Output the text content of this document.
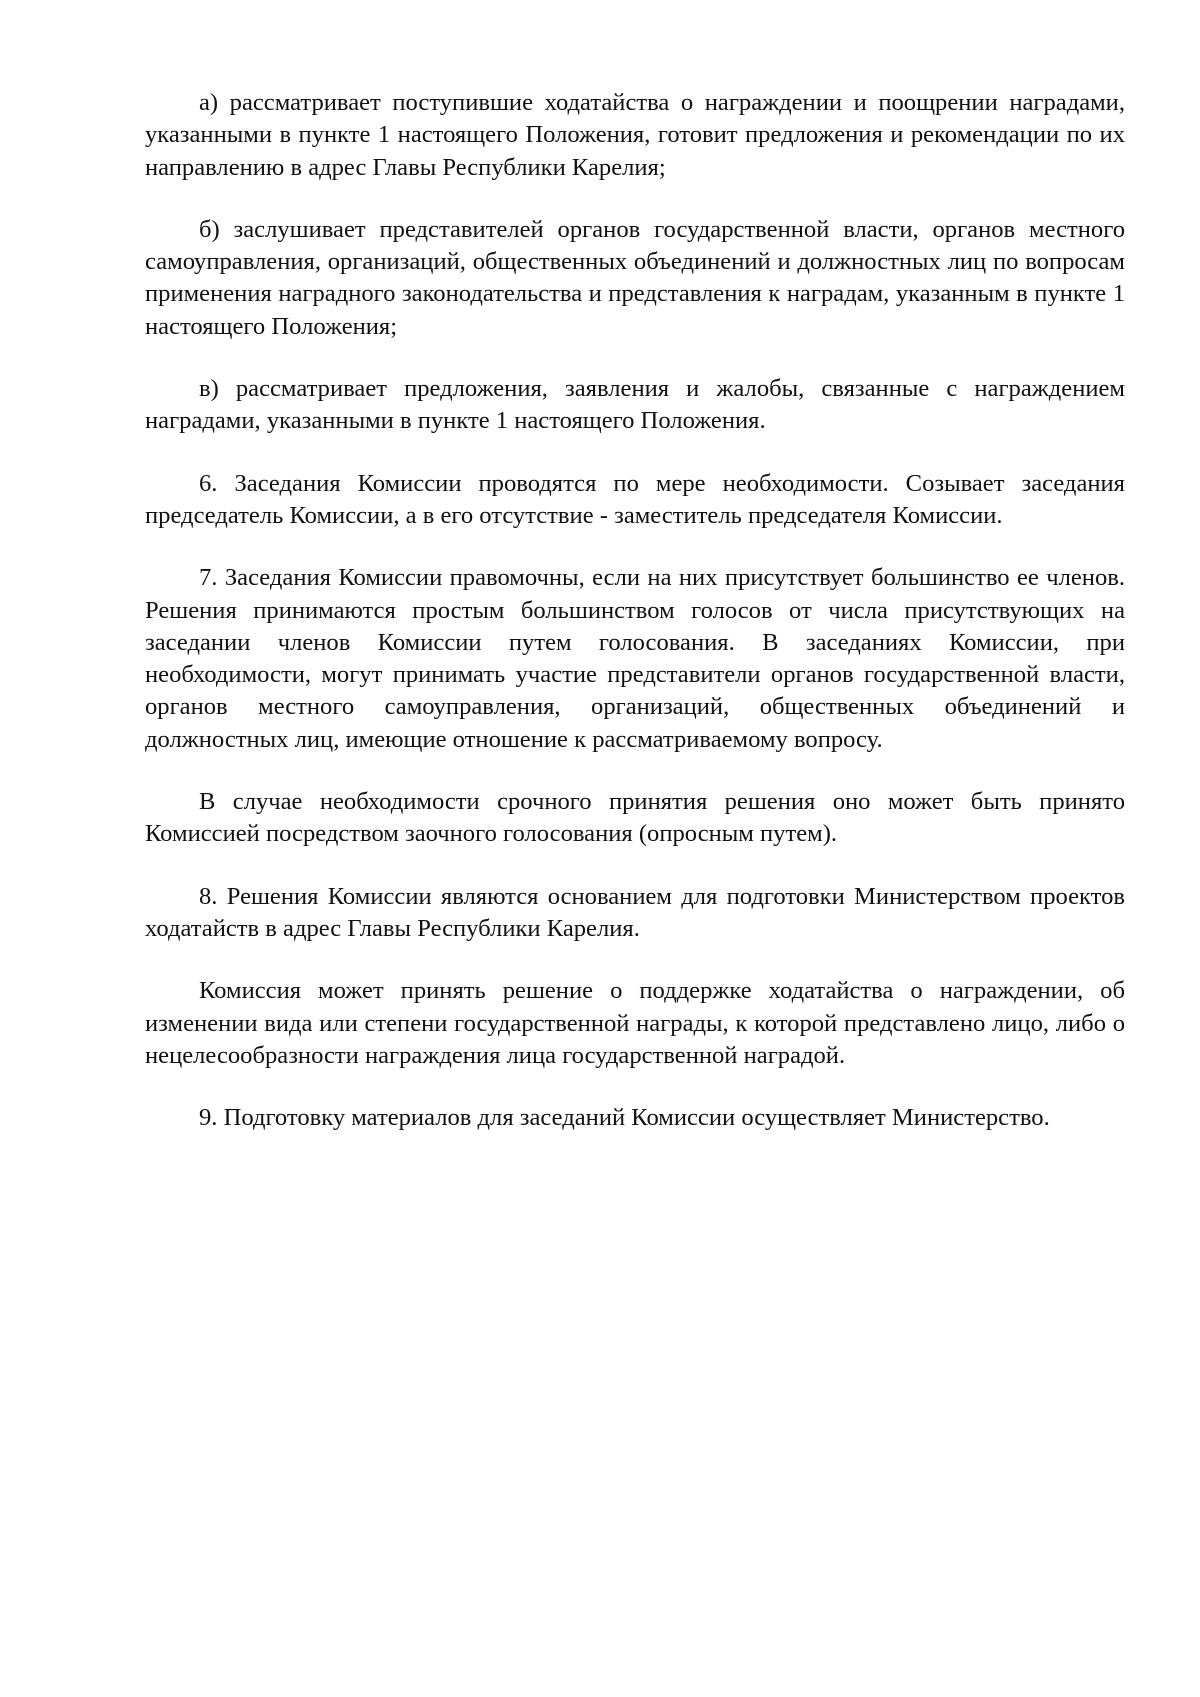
а) рассматривает поступившие ходатайства о награждении и поощрении наградами, указанными в пункте 1 настоящего Положения, готовит предложения и рекомендации по их направлению в адрес Главы Республики Карелия;

б) заслушивает представителей органов государственной власти, органов местного самоуправления, организаций, общественных объединений и должностных лиц по вопросам применения наградного законодательства и представления к наградам, указанным в пункте 1 настоящего Положения;

в) рассматривает предложения, заявления и жалобы, связанные с награждением наградами, указанными в пункте 1 настоящего Положения.

6. Заседания Комиссии проводятся по мере необходимости. Созывает заседания председатель Комиссии, а в его отсутствие - заместитель председателя Комиссии.

7. Заседания Комиссии правомочны, если на них присутствует большинство ее членов. Решения принимаются простым большинством голосов от числа присутствующих на заседании членов Комиссии путем голосования. В заседаниях Комиссии, при необходимости, могут принимать участие представители органов государственной власти, органов местного самоуправления, организаций, общественных объединений и должностных лиц, имеющие отношение к рассматриваемому вопросу.

В случае необходимости срочного принятия решения оно может быть принято Комиссией посредством заочного голосования (опросным путем).

8. Решения Комиссии являются основанием для подготовки Министерством проектов ходатайств в адрес Главы Республики Карелия.

Комиссия может принять решение о поддержке ходатайства о награждении, об изменении вида или степени государственной награды, к которой представлено лицо, либо о нецелесообразности награждения лица государственной наградой.

9. Подготовку материалов для заседаний Комиссии осуществляет Министерство.
